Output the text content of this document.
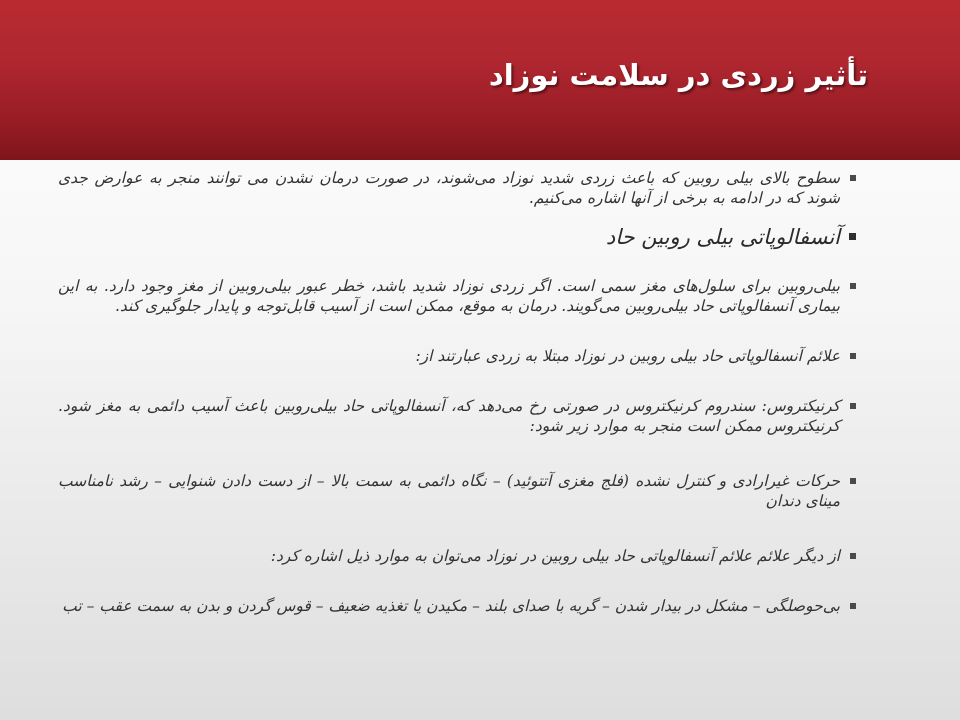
تأثیر زردی در سلامت نوزاد
سطوح بالای بیلی روبین که باعث زردی شدید نوزاد می‌شوند، در صورت درمان نشدن می توانند منجر به عوارض جدی شوند که در ادامه به برخی از آنها اشاره می‌کنیم.
آنسفالوپاتی بیلی روبین حاد
بیلی‌روبین برای سلول‌های مغز سمی است. اگر زردی نوزاد شدید باشد، خطر عبور بیلی‌روبین از مغز وجود دارد. به این بیماری آنسفالوپاتی حاد بیلی‌روبین می‌گویند. درمان به موقع، ممکن است از آسیب قابل‌توجه و پایدار جلوگیری کند.
علائم آنسفالوپاتی حاد بیلی روبین در نوزاد مبتلا به زردی عبارتند از:
کرنیکتروس: سندروم کرنیکتروس در صورتی رخ می‌دهد که، آنسفالوپاتی حاد بیلی‌روبین باعث آسیب دائمی به مغز شود. کرنیکتروس ممکن است منجر به موارد زیر شود:
حرکات غیرارادی و کنترل نشده (فلج مغزی آتتوئید) – نگاه دائمی به سمت بالا – از دست دادن شنوایی – رشد نامناسب مینای دندان
از دیگر علائم علائم آنسفالوپاتی حاد بیلی روبین در نوزاد می‌توان به موارد ذیل اشاره کرد:
بی‌حوصلگی – مشکل در بیدار شدن – گریه با صدای بلند – مکیدن یا تغذیه ضعیف – قوس گردن و بدن به سمت عقب – تب
